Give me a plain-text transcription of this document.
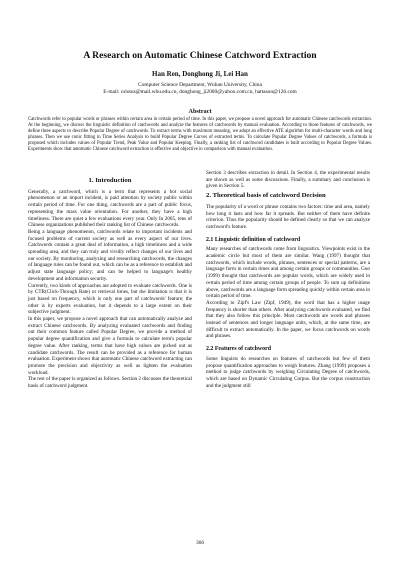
A Research on Automatic Chinese Catchword Extraction
Han Ren, Donghong Ji, Lei Han
Computer Science Department, Wuhan University, China
E-mail: cslotus@mail.whu.edu.cn, donghong_ji2000@yahoo.com.cn, hattason@126.com
Abstract

Catchwords refer to popular words or phrases within certain area in certain period of time. In this paper, we propose a novel approach for automatic Chinese catchwords extraction. At the beginning, we discuss the linguistic definition of catchwords and analyze the features of catchwords by manual evaluation. According to those features of catchwords, we define three aspects to describe Popular Degree of catchwords. To extract terms with maximum meaning, we adopt an effective ATE algorithm for multi-character words and long phrases. Then we use conic fitting in Time Series Analysis to build Popular Degree Curves of extracted terms. To calculate Popular Degree Values of catchwords, a formula is proposed which includes values of Popular Trend, Peak Value and Popular Keeping. Finally, a ranking list of catchword candidates is built according to Popular Degree Values. Experiments show that automatic Chinese catchword extraction is effective and objective in comparison with manual evaluation.

1. Introduction

Generally, a catchword, which is a term that represents a hot social phenomenon or an import incident, is paid attention by society public within certain period of time. For one thing, catchwords are a part of public focus, representing the mass value orientation. For another, they have a high timeliness. There are quiet a few evaluations every year. Only In 2005, tens of Chinese organizations published their ranking list of Chinese catchwords.

Being a language phenomenon, catchwords relate to important incidents and focused problems of current society as well as every aspect of our lives. Catchwords contain a great deal of information, a high timeliness and a wide spreading area, and they can truly and vividly reflect changes of our lives and our society. By monitoring, analyzing and researching catchwords, the changes of language rules can be found out, which can be as a reference to establish and adjust state language policy; and can be helped to language's healthy development and information security.

Currently, two kinds of approaches are adopted to evaluate catchwords. One is by CTR(Click-Through Rate) or retrieval times, but the limitation is that it is just based on frequency, which is only one part of catchwords' feature; the other is by experts evaluation, but it depends to a large extent on their subjective judgment.

In this paper, we propose a novel approach that can automatically analyze and extract Chinese catchwords. By analyzing evaluated catchwords and finding out their common feature called Popular Degree, we provide a method of popular degree quantification and give a formula to calculate term's popular degree value. After ranking, terms that have high values are picked out as candidate catchwords. The result can be provided as a reference for human evaluation. Experiment shows that automatic Chinese catchword extracting can promote the precision and objectivity as well as lighten the evaluation workload.

The rest of the paper is organized as follows. Section 2 discusses the theoretical basis of catchword judgment.

Section 3 describes extraction in detail. In Section 4, the experimental results are shown as well as some discussions. Finally, a summary and conclusion is given in Section 5.

2. Theoretical basis of catchword Decision

The popularity of a word or phrase contains two factors: time and area, namely how long it lasts and how far it spreads. But neither of them have definite criterion. Thus the popularity should be defined clearly so that we can analyze catchword's feature.

2.1 Linguistic definition of catchword

Many researches of catchwords come from linguistics. Viewpoints exist in the academic circle but most of them are similar. Wang (1997) thought that catchwords, which include words, phrases, sentences or special patterns, are a language form in certain times and among certain groups or communities. Guo (1999) thought that catchwords are popular words, which are widely used in certain period of time among certain groups of people. To sum up definitions above, catchwords are a language form spreading quickly within certain area in certain period of time.

According to Zipf's Law (Zipf, 1949), the word that has a higher usage frequency is shorter than others. After analyzing catchwords evaluated, we find that they also follow this principle. Most catchwords are words and phrases instead of sentences and longer language units, which, at the same time, are difficult to extract automatically. In the paper, we focus catchwords on words and phrases.

2.2 Features of catchword

Some linguists do researches on features of catchwords but few of them propose quantification approaches to weigh features. Zhang (1999) proposes a method to judge catchwords by weighing Circulating Degree of catchwords, which are based on Dynamic Circulating Corpus. But the corpus construction and the judgment still

366
